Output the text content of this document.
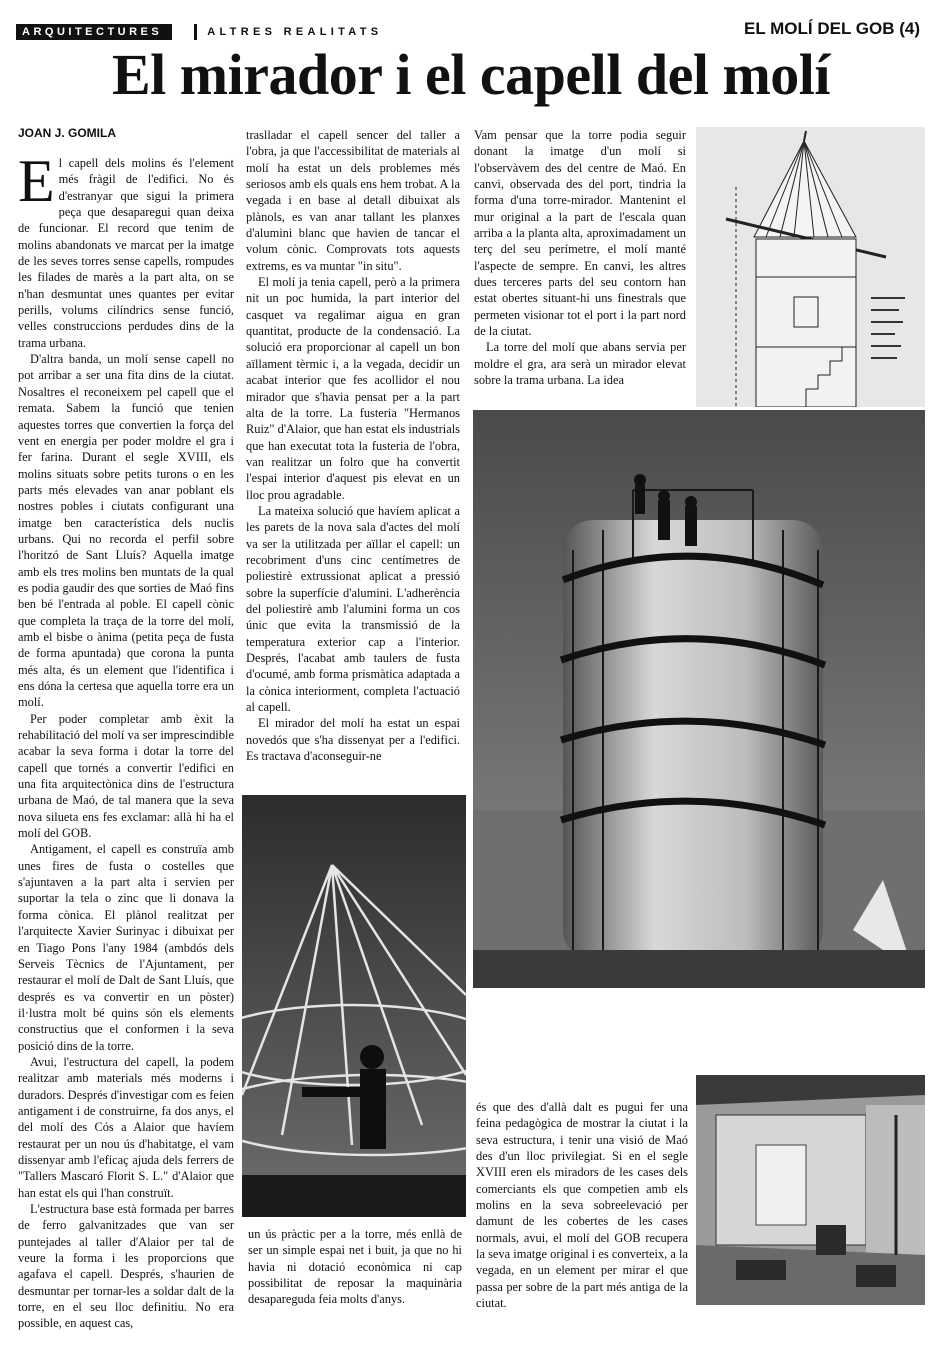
ARQUITECTURES	ALTRES REALITATS	EL MOLÍ DEL GOB (4)
El mirador i el capell del molí
JOAN J. GOMILA
E l capell dels molins és l'element més fràgil de l'edifici. No és d'estranyar que sigui la primera peça que desaparegui quan deixa de funcionar. El record que tenim de molins abandonats ve marcat per la imatge de les seves torres sense capells, rompudes les filades de marès a la part alta, on se n'han desmuntat unes quantes per evitar perills, volums cilíndrics sense funció, velles construccions perdudes dins de la trama urbana.

D'altra banda, un molí sense capell no pot arribar a ser una fita dins de la ciutat. Nosaltres el reconeixem pel capell que el remata. Sabem la funció que tenien aquestes torres que convertien la força del vent en energia per poder moldre el gra i fer farina. Durant el segle XVIII, els molins situats sobre petits turons o en les parts més elevades van anar poblant els nostres pobles i ciutats configurant una imatge ben característica dels nuclis urbans. Qui no recorda el perfil sobre l'horitzó de Sant Lluís? Aquella imatge amb els tres molins ben muntats de la qual es podia gaudir des que sorties de Maó fins ben bé l'entrada al poble. El capell cònic que completa la traça de la torre del molí, amb el bisbe o ànima (petita peça de fusta de forma apuntada) que corona la punta més alta, és un element que l'identifica i ens dóna la certesa que aquella torre era un molí.

Per poder completar amb èxit la rehabilitació del molí va ser imprescindible acabar la seva forma i dotar la torre del capell que tornés a convertir l'edifici en una fita arquitectònica dins de l'estructura urbana de Maó, de tal manera que la seva nova silueta ens fes exclamar: allà hi ha el molí del GOB.

Antigament, el capell es construïa amb unes fires de fusta o costelles que s'ajuntaven a la part alta i servien per suportar la tela o zinc que li donava la forma cònica. El plànol realitzat per l'arquitecte Xavier Surinyac i dibuixat per en Tiago Pons l'any 1984 (ambdós dels Serveis Tècnics de l'Ajuntament, per restaurar el molí de Dalt de Sant Lluís, que després es va convertir en un pòster) il·lustra molt bé quins són els elements constructius que el conformen i la seva posició dins de la torre.

Avui, l'estructura del capell, la podem realitzar amb materials més moderns i duradors. Després d'investigar com es feien antigament i de construirne, fa dos anys, el del molí des Cós a Alaior que havíem restaurat per un nou ús d'habitatge, el vam dissenyar amb l'eficaç ajuda dels ferrers de "Tallers Mascaró Florit S. L." d'Alaior que han estat els qui l'han construït.

L'estructura base està formada per barres de ferro galvanitzades que van ser puntejades al taller d'Alaior per tal de veure la forma i les proporcions que agafava el capell. Després, s'haurien de desmuntar per tornar-les a soldar dalt de la torre, en el seu lloc definitiu. No era possible, en aquest cas,

traslladar el capell sencer del taller a l'obra, ja que l'accessibilitat de materials al molí ha estat un dels problemes més seriosos amb els quals ens hem trobat. A la vegada i en base al detall dibuixat als plànols, es van anar tallant les planxes d'alumini blanc que havien de tancar el volum cònic. Comprovats tots aquests extrems, es va muntar "in situ".

El molí ja tenia capell, però a la primera nit un poc humida, la part interior del casquet va regalimar aigua en gran quantitat, producte de la condensació. La solució era proporcionar al capell un bon aïllament tèrmic i, a la vegada, decidir un acabat interior que fes acollidor el nou mirador que s'havia pensat per a la part alta de la torre. La fusteria "Hermanos Ruiz" d'Alaior, que han estat els industrials que han executat tota la fusteria de l'obra, van realitzar un folro que ha convertit l'espai interior d'aquest pis elevat en un lloc prou agradable.

La mateixa solució que havíem aplicat a les parets de la nova sala d'actes del molí va ser la utilitzada per aïllar el capell: un recobriment d'uns cinc centímetres de poliestirè extrussionat aplicat a pressió sobre la superfície d'alumini. L'adherència del poliestirè amb l'alumini forma un cos únic que evita la transmissió de la temperatura exterior cap a l'interior. Després, l'acabat amb taulers de fusta d'ocumé, amb forma prismàtica adaptada a la cònica interiorment, completa l'actuació al capell.

El mirador del molí ha estat un espai novedós que s'ha dissenyat per a l'edifici. Es tractava d'aconseguir-ne

Vam pensar que la torre podia seguir donant la imatge d'un molí si l'observàvem des del centre de Maó. En canvi, observada des del port, tindria la forma d'una torre-mirador. Mantenint el mur original a la part de l'escala quan arriba a la planta alta, aproximadament un terç del seu perímetre, el molí manté l'aspecte de sempre. En canvi, les altres dues terceres parts del seu contorn han estat obertes situant-hi uns finestrals que permeten visionar tot el port i la part nord de la ciutat.

La torre del molí que abans servia per moldre el gra, ara serà un mirador elevat sobre la trama urbana. La idea

un ús pràctic per a la torre, més enllà de ser un simple espai net i buit, ja que no hi havia ni dotació econòmica ni cap possibilitat de reposar la maquinària desapareguda feia molts d'anys.

és que des d'allà dalt es pugui fer una feina pedagògica de mostrar la ciutat i la seva estructura, i tenir una visió de Maó des d'un lloc privilegiat. Si en el segle XVIII eren els miradors de les cases dels comerciants els que competien amb els molins en la seva sobreelevació per damunt de les cobertes de les cases normals, avui, el molí del GOB recupera la seva imatge original i es converteix, a la vegada, en un element per mirar el que passa per sobre de la part més antiga de la ciutat.
